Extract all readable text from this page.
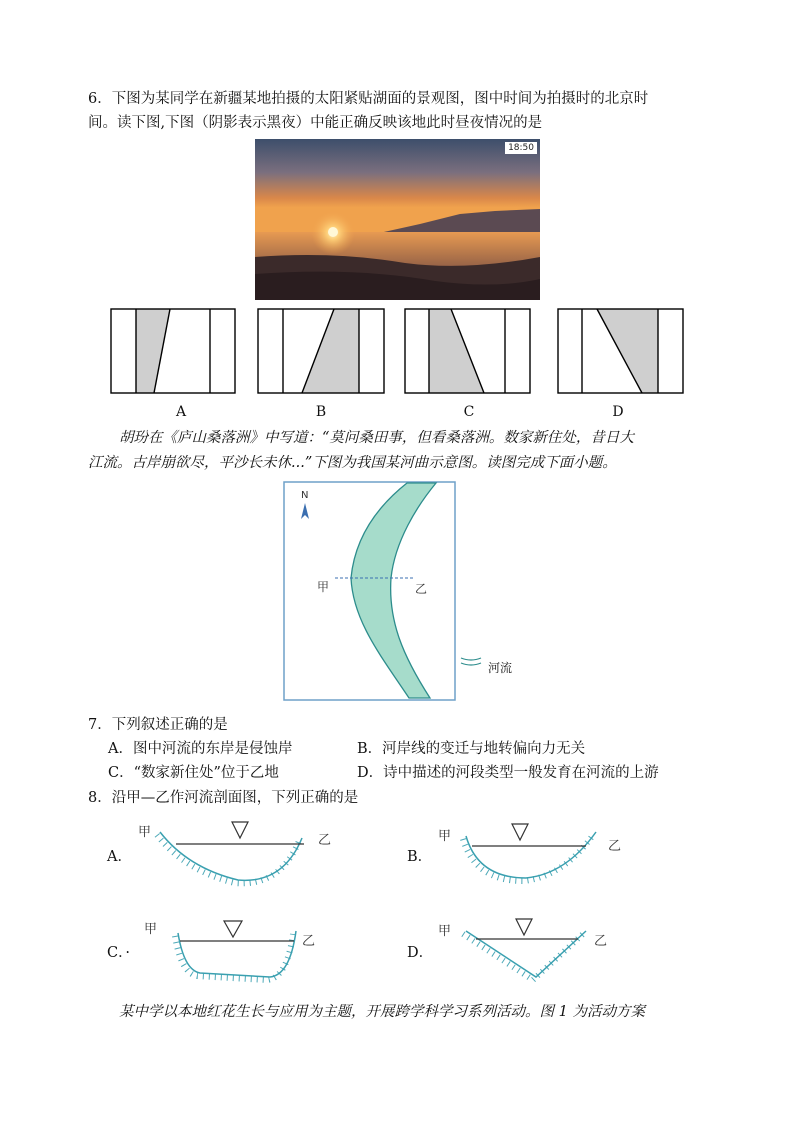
6．下图为某同学在新疆某地拍摄的太阳紧贴湖面的景观图，图中时间为拍摄时的北京时
间。读下图,下图（阴影表示黑夜）中能正确反映该地此时昼夜情况的是
18:50
A	B	C	D
胡玢在《庐山桑落洲》中写道：“莫问桑田事，但看桑落洲。数家新住处，昔日大
江流。古岸崩欲尽，平沙长未休...”下图为我国某河曲示意图。读图完成下面小题。
N
甲	乙
河流
7．下列叙述正确的是
A．图中河流的东岸是侵蚀岸	B．河岸线的变迁与地转偏向力无关
C．“数家新住处”位于乙地	D．诗中描述的河段类型一般发育在河流的上游
8．沿甲—乙作河流剖面图，下列正确的是
A．	B．
C．·	D．
甲
乙	甲
乙
甲
乙
甲
乙
某中学以本地红花生长与应用为主题，开展跨学科学习系列活动。图 1 为活动方案
